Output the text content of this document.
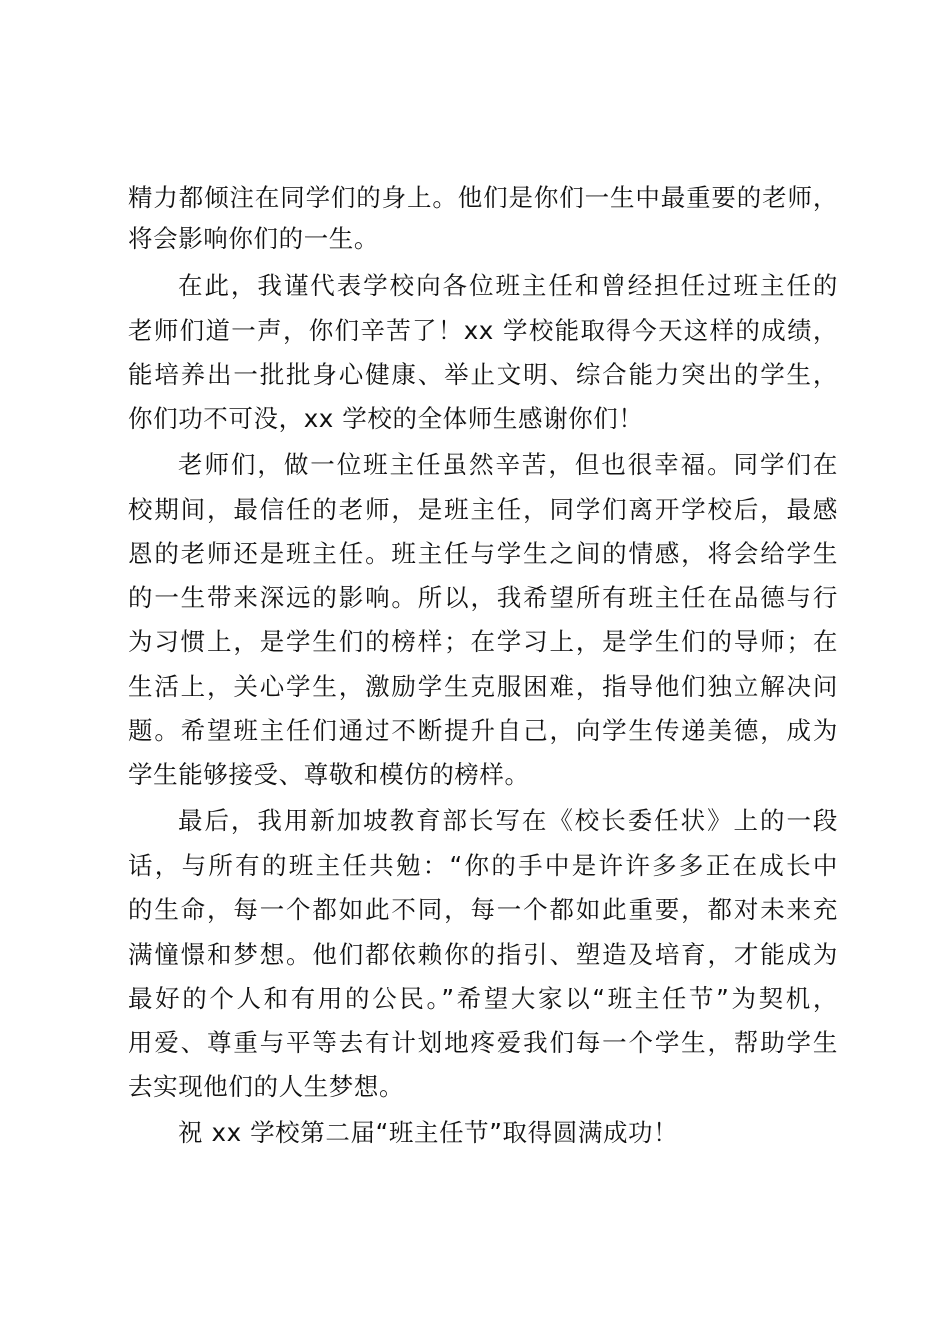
精力都倾注在同学们的身上。他们是你们一生中最重要的老师，
将会影响你们的一生。
在此，我谨代表学校向各位班主任和曾经担任过班主任的
老师们道一声，你们辛苦了！xx 学校能取得今天这样的成绩，
能培养出一批批身心健康、举止文明、综合能力突出的学生，
你们功不可没，xx 学校的全体师生感谢你们！
老师们，做一位班主任虽然辛苦，但也很幸福。同学们在
校期间，最信任的老师，是班主任，同学们离开学校后，最感
恩的老师还是班主任。班主任与学生之间的情感，将会给学生
的一生带来深远的影响。所以，我希望所有班主任在品德与行
为习惯上，是学生们的榜样；在学习上，是学生们的导师；在
生活上，关心学生，激励学生克服困难，指导他们独立解决问
题。希望班主任们通过不断提升自己，向学生传递美德，成为
学生能够接受、尊敬和模仿的榜样。
最后，我用新加坡教育部长写在《校长委任状》上的一段
话，与所有的班主任共勉：“你的手中是许许多多正在成长中
的生命，每一个都如此不同，每一个都如此重要，都对未来充
满憧憬和梦想。他们都依赖你的指引、塑造及培育，才能成为
最好的个人和有用的公民。”希望大家以“班主任节”为契机，
用爱、尊重与平等去有计划地疼爱我们每一个学生，帮助学生
去实现他们的人生梦想。
祝 xx 学校第二届“班主任节”取得圆满成功！
